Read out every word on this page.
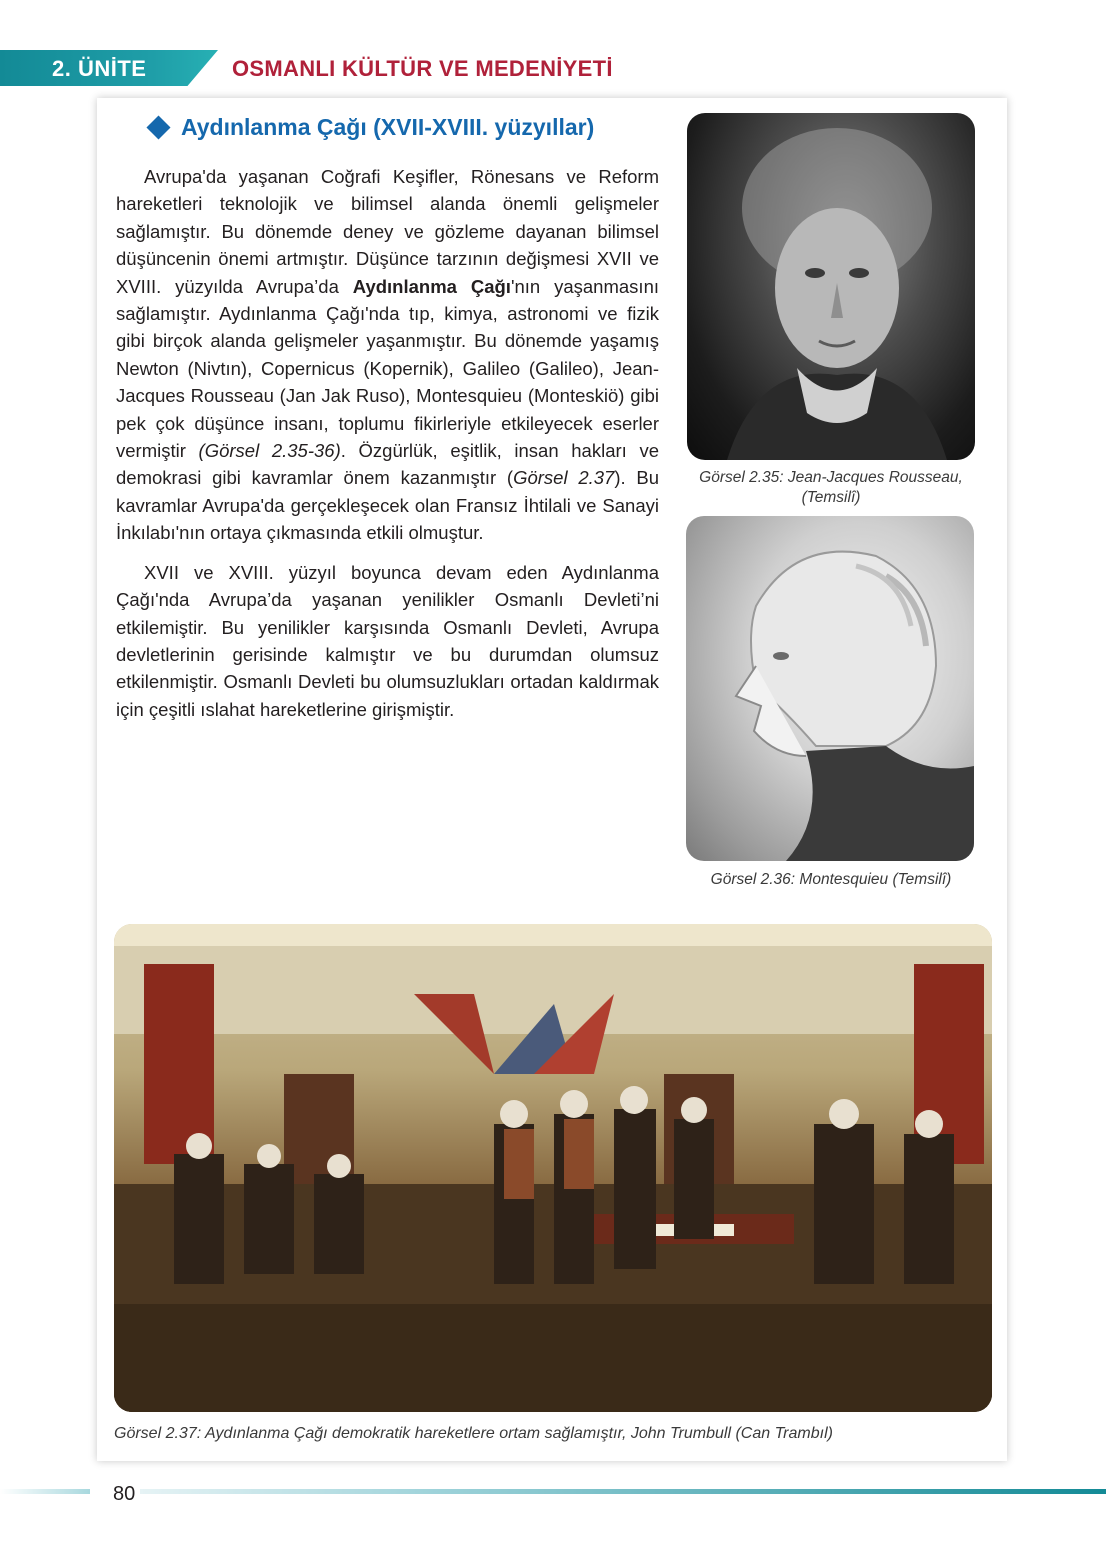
2. ÜNİTE	OSMANLI KÜLTÜR VE MEDENİYETİ
Aydınlanma Çağı (XVII-XVIII. yüzyıllar)

Avrupa'da yaşanan Coğrafi Keşifler, Rönesans ve Reform hareketleri teknolojik ve bilimsel alanda önemli gelişmeler sağlamıştır. Bu dönemde deney ve gözleme dayanan bilimsel düşüncenin önemi artmıştır. Düşünce tarzının değişmesi XVII ve XVIII. yüzyılda Avrupa’da Aydınlanma Çağı'nın yaşanmasını sağlamıştır. Aydınlanma Çağı'nda tıp, kimya, astronomi ve fizik gibi birçok alanda gelişmeler yaşanmıştır. Bu dönemde yaşamış Newton (Nivtın), Copernicus (Kopernik), Galileo (Galileo), Jean-Jacques Rousseau (Jan Jak Ruso), Montesquieu (Monteskiö) gibi pek çok düşünce insanı, toplumu fikirleriyle etkileyecek eserler vermiştir (Görsel 2.35-36). Özgürlük, eşitlik, insan hakları ve demokrasi gibi kavramlar önem kazanmıştır (Görsel 2.37). Bu kavramlar Avrupa'da gerçekleşecek olan Fransız İhtilali ve Sanayi İnkılabı'nın ortaya çıkmasında etkili olmuştur.

XVII ve XVIII. yüzyıl boyunca devam eden Aydınlanma Çağı'nda Avrupa’da yaşanan yenilikler Osmanlı Devleti’ni etkilemiştir. Bu yenilikler karşısında Osmanlı Devleti, Avrupa devletlerinin gerisinde kalmıştır ve bu durumdan olumsuz etkilenmiştir. Osmanlı Devleti bu olumsuzlukları ortadan kaldırmak için çeşitli ıslahat hareketlerine girişmiştir.

Görsel 2.35: Jean-Jacques Rousseau, (Temsilî)
Görsel 2.36: Montesquieu (Temsilî)
Görsel 2.37: Aydınlanma Çağı demokratik hareketlere ortam sağlamıştır, John Trumbull (Can Trambıl)
80
